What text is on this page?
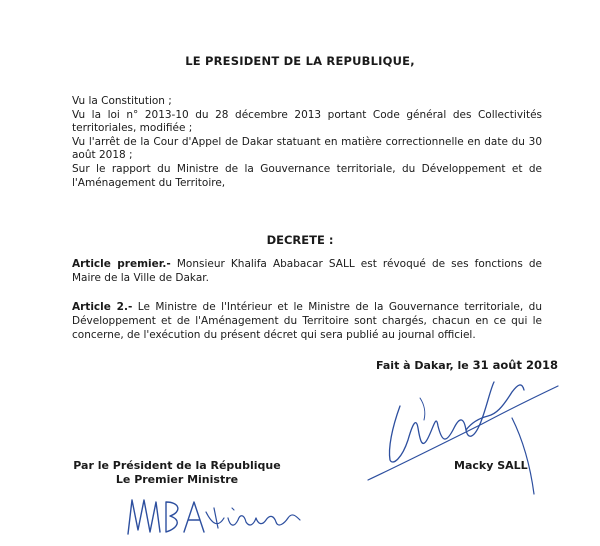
LE PRESIDENT DE LA REPUBLIQUE,

Vu la Constitution ;

Vu la loi n° 2013-10 du 28 décembre 2013 portant Code général des Collectivités territoriales, modifiée ;

Vu l'arrêt de la Cour d'Appel de Dakar statuant en matière correctionnelle en date du 30 août 2018 ;

Sur le rapport du Ministre de la Gouvernance territoriale, du Développement et de l'Aménagement du Territoire,

DECRETE :
Article premier.- Monsieur Khalifa Ababacar SALL est révoqué de ses fonctions de Maire de la Ville de Dakar.
Article 2.- Le Ministre de l'Intérieur et le Ministre de la Gouvernance territoriale, du Développement et de l'Aménagement du Territoire sont chargés, chacun en ce qui le concerne, de l'exécution du présent décret qui sera publié au journal officiel.
Fait à Dakar, le 31 août 2018
Macky SALL
Par le Président de la République
Le Premier Ministre
